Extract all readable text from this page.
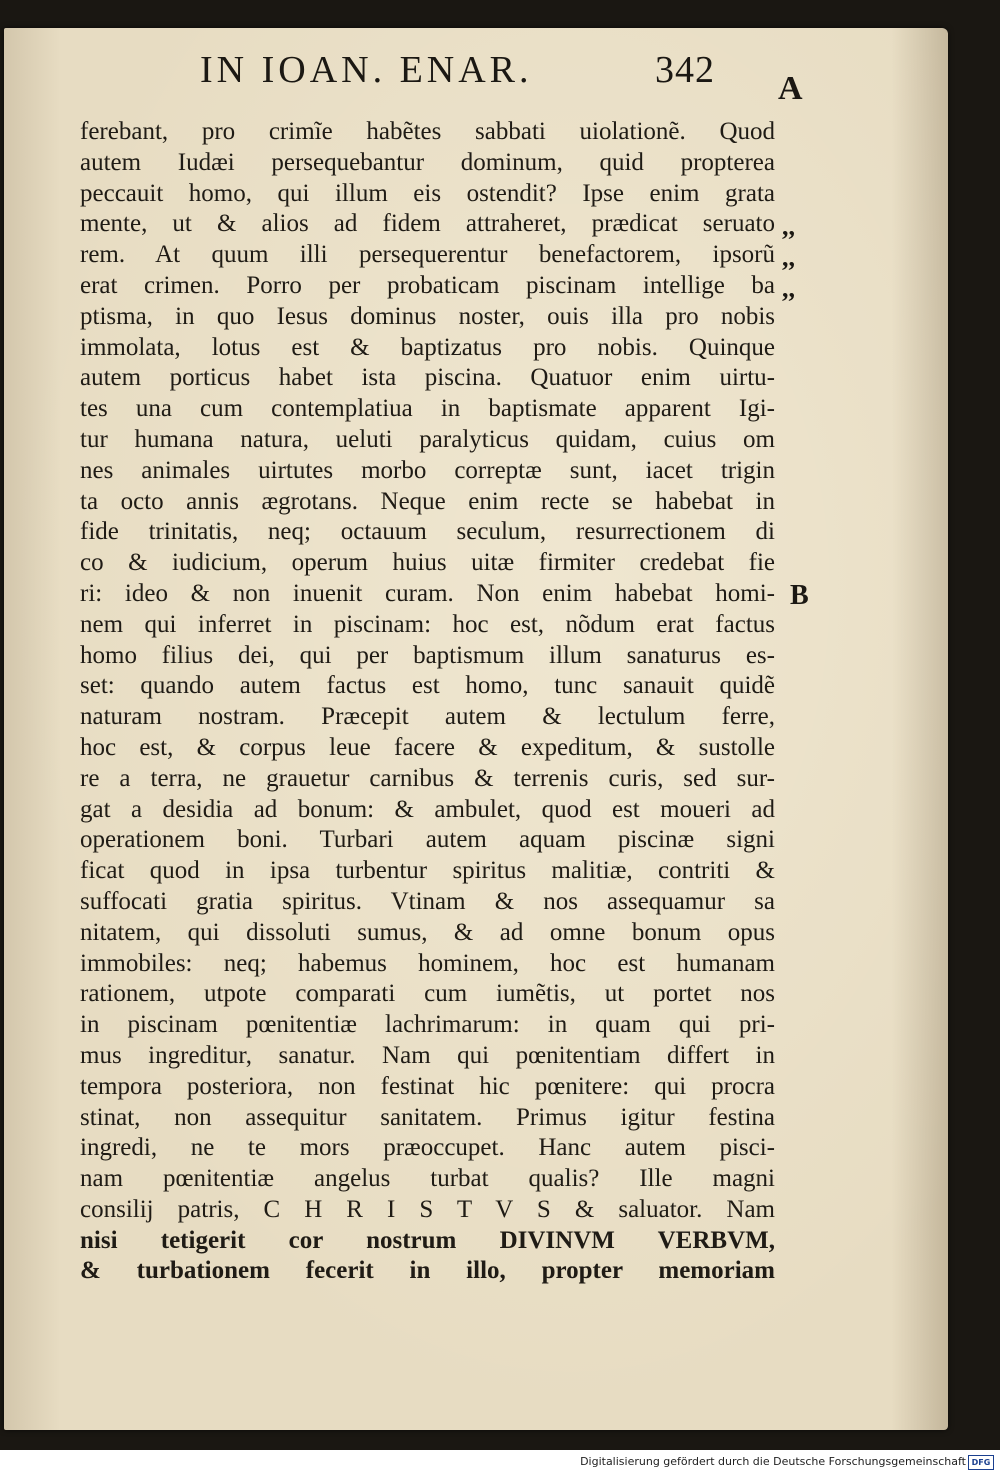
IN IOAN. ENAR.	342 A
B
,,
,,
,,
ferebant, pro crimĩe habẽtes sabbati uiolationẽ. Quod
autem Iudæi persequebantur dominum, quid propterea
peccauit homo, qui illum eis ostendit? Ipse enim grata
mente, ut & alios ad fidem attraheret, prædicat seruato
rem. At quum illi persequerentur benefactorem, ipsorũ
erat crimen. Porro per probaticam piscinam intellige ba
ptisma, in quo Iesus dominus noster, ouis illa pro nobis
immolata, lotus est & baptizatus pro nobis. Quinque
autem porticus habet ista piscina. Quatuor enim uirtu-
tes una cum contemplatiua in baptismate apparent Igi-
tur humana natura, ueluti paralyticus quidam, cuius om
nes animales uirtutes morbo correptæ sunt, iacet trigin
ta octo annis ægrotans. Neque enim recte se habebat in
fide trinitatis, neq; octauum seculum, resurrectionem di
co & iudicium, operum huius uitæ firmiter credebat fie
ri: ideo & non inuenit curam. Non enim habebat homi-
nem qui inferret in piscinam: hoc est, nõdum erat factus
homo filius dei, qui per baptismum illum sanaturus es-
set: quando autem factus est homo, tunc sanauit quidẽ
naturam nostram. Præcepit autem & lectulum ferre,
hoc est, & corpus leue facere & expeditum, & sustolle
re a terra, ne grauetur carnibus & terrenis curis, sed sur-
gat a desidia ad bonum: & ambulet, quod est moueri ad
operationem boni. Turbari autem aquam piscinæ signi
ficat quod in ipsa turbentur spiritus malitiæ, contriti &
suffocati gratia spiritus. Vtinam & nos assequamur sa
nitatem, qui dissoluti sumus, & ad omne bonum opus
immobiles: neq; habemus hominem, hoc est humanam
rationem, utpote comparati cum iumẽtis, ut portet nos
in piscinam pœnitentiæ lachrimarum: in quam qui pri-
mus ingreditur, sanatur. Nam qui pœnitentiam differt in
tempora posteriora, non festinat hic pœnitere: qui procra
stinat, non assequitur sanitatem. Primus igitur festina
ingredi, ne te mors præoccupet. Hanc autem pisci-
nam pœnitentiæ angelus turbat qualis? Ille magni
consilij patris, C H R I S T V S & saluator. Nam
nisi tetigerit cor nostrum DIVINVM VERBVM,
& turbationem fecerit in illo, propter memoriam
Digitalisierung gefördert durch die Deutsche Forschungsgemeinschaft DFG
